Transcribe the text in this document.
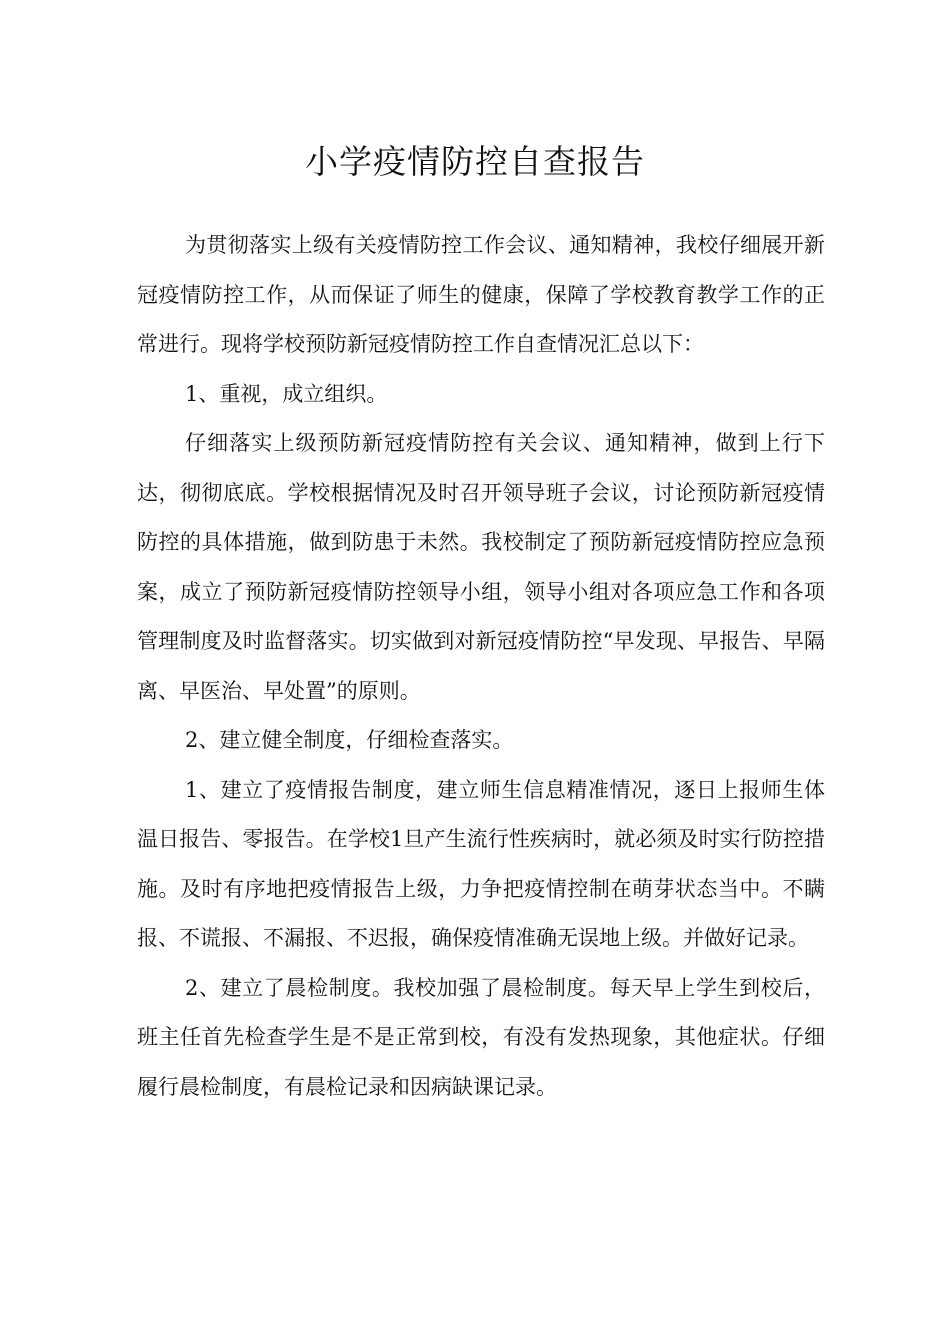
小学疫情防控自查报告

为贯彻落实上级有关疫情防控工作会议、通知精神，我校仔细展开新冠疫情防控工作，从而保证了师生的健康，保障了学校教育教学工作的正常进行。现将学校预防新冠疫情防控工作自查情况汇总以下：

1、重视，成立组织。

仔细落实上级预防新冠疫情防控有关会议、通知精神，做到上行下达，彻彻底底。学校根据情况及时召开领导班子会议，讨论预防新冠疫情防控的具体措施，做到防患于未然。我校制定了预防新冠疫情防控应急预案，成立了预防新冠疫情防控领导小组，领导小组对各项应急工作和各项管理制度及时监督落实。切实做到对新冠疫情防控“早发现、早报告、早隔离、早医治、早处置”的原则。

2、建立健全制度，仔细检查落实。

1、建立了疫情报告制度，建立师生信息精准情况，逐日上报师生体温日报告、零报告。在学校1旦产生流行性疾病时，就必须及时实行防控措施。及时有序地把疫情报告上级，力争把疫情控制在萌芽状态当中。不瞒报、不谎报、不漏报、不迟报，确保疫情准确无误地上级。并做好记录。

2、建立了晨检制度。我校加强了晨检制度。每天早上学生到校后，班主任首先检查学生是不是正常到校，有没有发热现象，其他症状。仔细履行晨检制度，有晨检记录和因病缺课记录。
